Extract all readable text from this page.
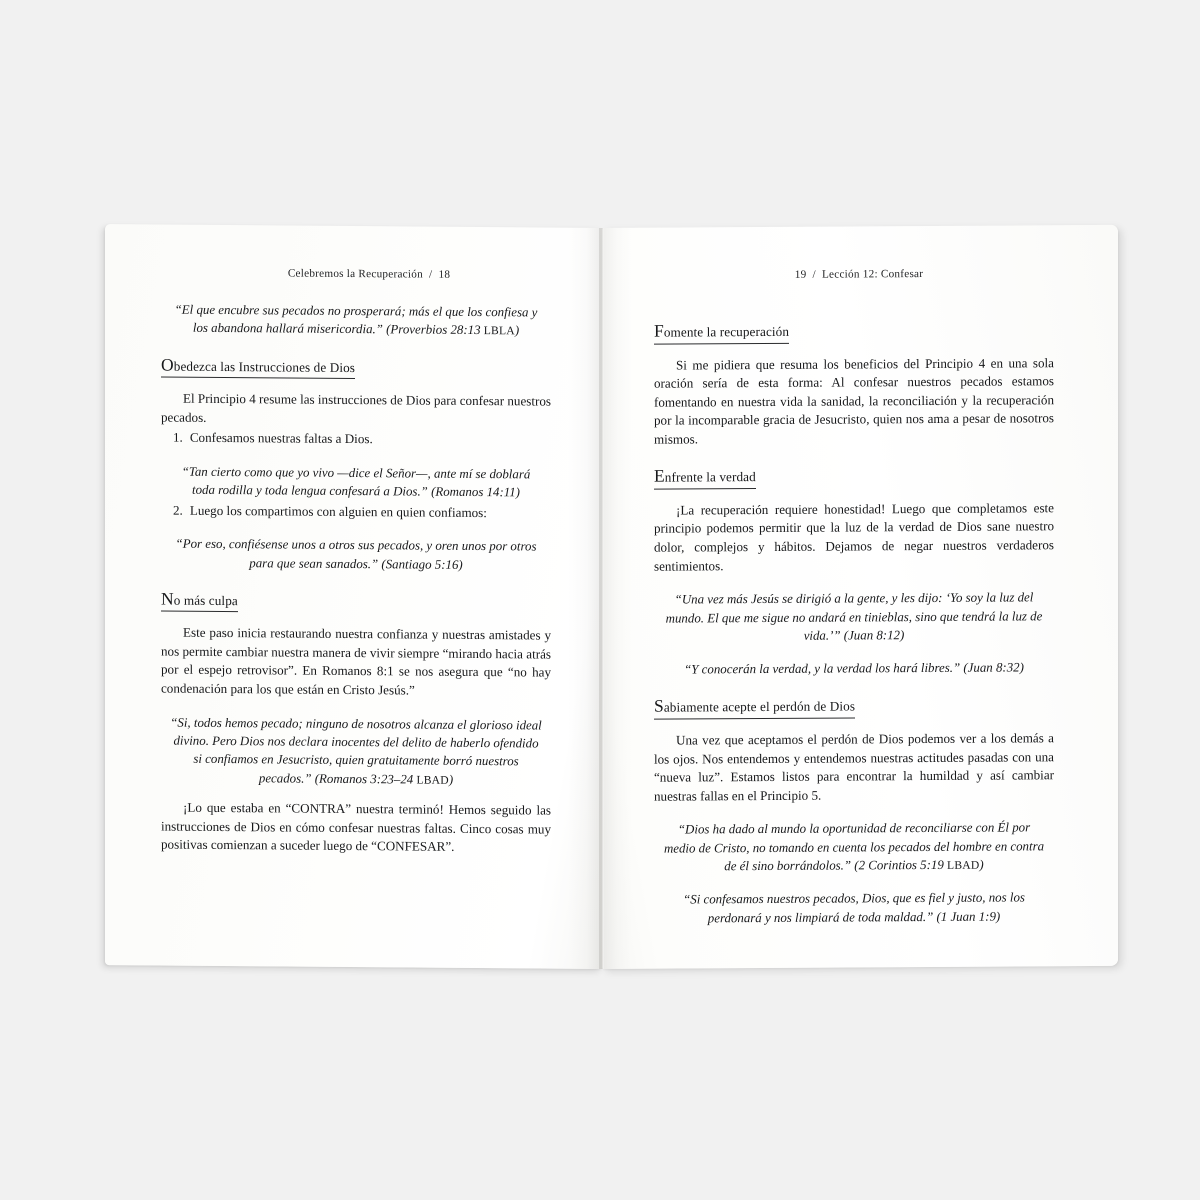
Celebremos la Recuperación  /  18
“El que encubre sus pecados no prosperará; más el que los confiesa y los abandona hallará misericordia.” (Proverbios 28:13 LBLA)
Obedezca las Instrucciones de Dios

El Principio 4 resume las instrucciones de Dios para confesar nuestros pecados.

1. Confesamos nuestras faltas a Dios.
“Tan cierto como que yo vivo —dice el Señor—, ante mí se doblará toda rodilla y toda lengua confesará a Dios.” (Romanos 14:11)
2. Luego los compartimos con alguien en quien confiamos:
“Por eso, confiésense unos a otros sus pecados, y oren unos por otros para que sean sanados.” (Santiago 5:16)
No más culpa

Este paso inicia restaurando nuestra confianza y nuestras amistades y nos permite cambiar nuestra manera de vivir siempre “mirando hacia atrás por el espejo retrovisor”. En Romanos 8:1 se nos asegura que “no hay condenación para los que están en Cristo Jesús.”

“Si, todos hemos pecado; ninguno de nosotros alcanza el glorioso ideal divino. Pero Dios nos declara inocentes del delito de haberlo ofendido si confiamos en Jesucristo, quien gratuitamente borró nuestros pecados.” (Romanos 3:23–24 LBAD)

¡Lo que estaba en “CONTRA” nuestra terminó! Hemos seguido las instrucciones de Dios en cómo confesar nuestras faltas. Cinco cosas muy positivas comienzan a suceder luego de “CONFESAR”.

19  /  Lección 12: Confesar
Fomente la recuperación

Si me pidiera que resuma los beneficios del Principio 4 en una sola oración sería de esta forma: Al confesar nuestros pecados estamos fomentando en nuestra vida la sanidad, la reconciliación y la recuperación por la incomparable gracia de Jesucristo, quien nos ama a pesar de nosotros mismos.

Enfrente la verdad

¡La recuperación requiere honestidad! Luego que completamos este principio podemos permitir que la luz de la verdad de Dios sane nuestro dolor, complejos y hábitos. Dejamos de negar nuestros verdaderos sentimientos.

“Una vez más Jesús se dirigió a la gente, y les dijo: ‘Yo soy la luz del mundo. El que me sigue no andará en tinieblas, sino que tendrá la luz de vida.’” (Juan 8:12)
“Y conocerán la verdad, y la verdad los hará libres.” (Juan 8:32)
Sabiamente acepte el perdón de Dios

Una vez que aceptamos el perdón de Dios podemos ver a los demás a los ojos. Nos entendemos y entendemos nuestras actitudes pasadas con una “nueva luz”. Estamos listos para encontrar la humildad y así cambiar nuestras fallas en el Principio 5.

“Dios ha dado al mundo la oportunidad de reconciliarse con Él por medio de Cristo, no tomando en cuenta los pecados del hombre en contra de él sino borrándolos.” (2 Corintios 5:19 LBAD)
“Si confesamos nuestros pecados, Dios, que es fiel y justo, nos los perdonará y nos limpiará de toda maldad.” (1 Juan 1:9)
